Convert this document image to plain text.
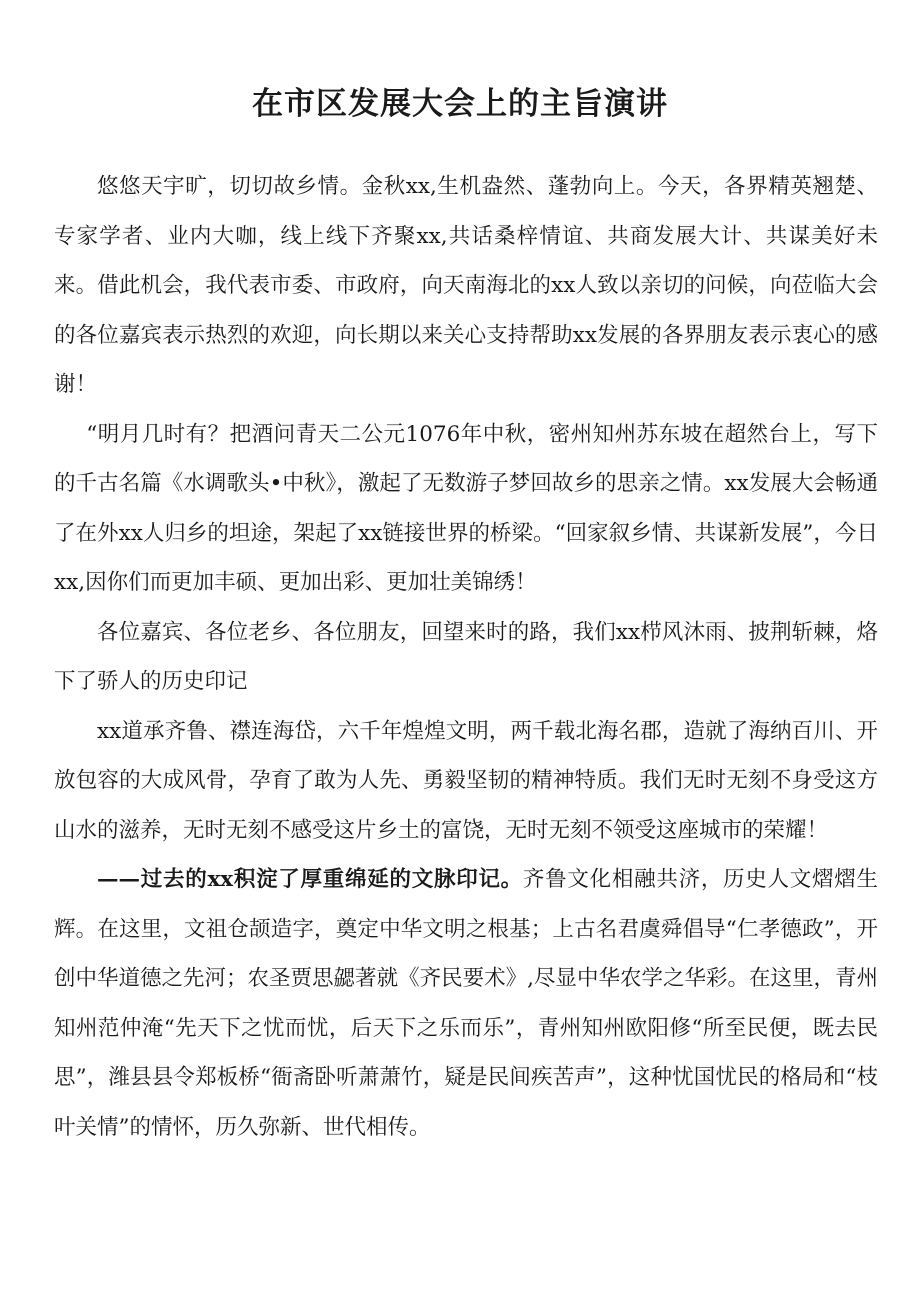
在市区发展大会上的主旨演讲

悠悠天宇旷，切切故乡情。金秋xx,生机盎然、蓬勃向上。今天，各界精英翘楚、专家学者、业内大咖，线上线下齐聚xx,共话桑梓情谊、共商发展大计、共谋美好未来。借此机会，我代表市委、市政府，向天南海北的xx人致以亲切的问候，向莅临大会的各位嘉宾表示热烈的欢迎，向长期以来关心支持帮助xx发展的各界朋友表示衷心的感谢！

“明月几时有？把酒问青天二公元1076年中秋，密州知州苏东坡在超然台上，写下的千古名篇《水调歌头•中秋》，激起了无数游子梦回故乡的思亲之情。xx发展大会畅通了在外xx人归乡的坦途，架起了xx链接世界的桥梁。“回家叙乡情、共谋新发展”，今日xx,因你们而更加丰硕、更加出彩、更加壮美锦绣！

各位嘉宾、各位老乡、各位朋友，回望来时的路，我们xx栉风沐雨、披荆斩棘，烙下了骄人的历史印记

xx道承齐鲁、襟连海岱，六千年煌煌文明，两千载北海名郡，造就了海纳百川、开放包容的大成风骨，孕育了敢为人先、勇毅坚韧的精神特质。我们无时无刻不身受这方山水的滋养，无时无刻不感受这片乡土的富饶，无时无刻不领受这座城市的荣耀！

——过去的xx积淀了厚重绵延的文脉印记。齐鲁文化相融共济，历史人文熠熠生辉。在这里，文祖仓颉造字，奠定中华文明之根基；上古名君虞舜倡导“仁孝德政”，开创中华道德之先河；农圣贾思勰著就《齐民要术》,尽显中华农学之华彩。在这里，青州知州范仲淹“先天下之忧而忧，后天下之乐而乐”，青州知州欧阳修“所至民便，既去民思”，潍县县令郑板桥“衙斋卧听萧萧竹，疑是民间疾苦声”，这种忧国忧民的格局和“枝叶关情”的情怀，历久弥新、世代相传。
